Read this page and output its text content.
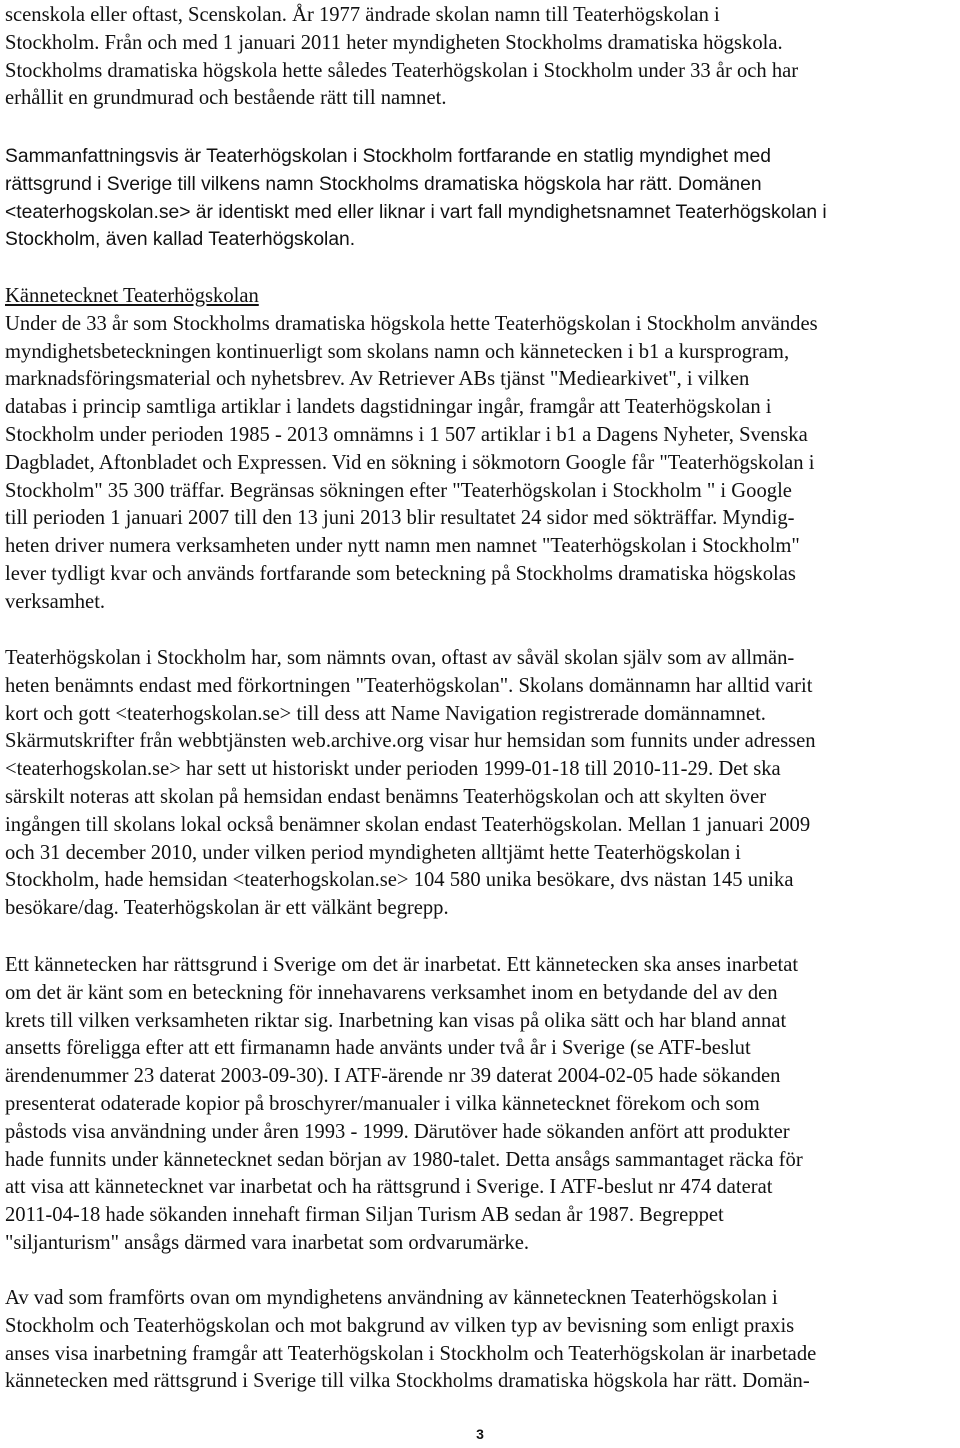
scenskola eller oftast, Scenskolan. År 1977 ändrade skolan namn till Teaterhögskolan i
Stockholm. Från och med 1 januari 2011 heter myndigheten Stockholms dramatiska högskola.
Stockholms dramatiska högskola hette således Teaterhögskolan i Stockholm under 33 år och har
erhållit en grundmurad och bestående rätt till namnet.
Sammanfattningsvis är Teaterhögskolan i Stockholm fortfarande en statlig myndighet med
rättsgrund i Sverige till vilkens namn Stockholms dramatiska högskola har rätt. Domänen
<teaterhogskolan.se> är identiskt med eller liknar i vart fall myndighetsnamnet Teaterhögskolan i
Stockholm, även kallad Teaterhögskolan.
Kännetecknet Teaterhögskolan
Under de 33 år som Stockholms dramatiska högskola hette Teaterhögskolan i Stockholm användes
myndighetsbeteckningen kontinuerligt som skolans namn och kännetecken i b1 a kursprogram,
marknadsföringsmaterial och nyhetsbrev. Av Retriever ABs tjänst "Mediearkivet", i vilken
databas i princip samtliga artiklar i landets dagstidningar ingår, framgår att Teaterhögskolan i
Stockholm under perioden 1985 - 2013 omnämns i 1 507 artiklar i b1 a Dagens Nyheter, Svenska
Dagbladet, Aftonbladet och Expressen. Vid en sökning i sökmotorn Google får "Teaterhögskolan i
Stockholm" 35 300 träffar. Begränsas sökningen efter "Teaterhögskolan i Stockholm " i Google
till perioden 1 januari 2007 till den 13 juni 2013 blir resultatet 24 sidor med sökträffar. Myndig-
heten driver numera verksamheten under nytt namn men namnet "Teaterhögskolan i Stockholm"
lever tydligt kvar och används fortfarande som beteckning på Stockholms dramatiska högskolas
verksamhet.
Teaterhögskolan i Stockholm har, som nämnts ovan, oftast av såväl skolan själv som av allmän-
heten benämnts endast med förkortningen "Teaterhögskolan". Skolans domännamn har alltid varit
kort och gott <teaterhogskolan.se> till dess att Name Navigation registrerade domännamnet.
Skärmutskrifter från webbtjänsten web.archive.org visar hur hemsidan som funnits under adressen
<teaterhogskolan.se> har sett ut historiskt under perioden 1999-01-18 till 2010-11-29. Det ska
särskilt noteras att skolan på hemsidan endast benämns Teaterhögskolan och att skylten över
ingången till skolans lokal också benämner skolan endast Teaterhögskolan. Mellan 1 januari 2009
och 31 december 2010, under vilken period myndigheten alltjämt hette Teaterhögskolan i
Stockholm, hade hemsidan <teaterhogskolan.se> 104 580 unika besökare, dvs nästan 145 unika
besökare/dag. Teaterhögskolan är ett välkänt begrepp.
Ett kännetecken har rättsgrund i Sverige om det är inarbetat. Ett kännetecken ska anses inarbetat
om det är känt som en beteckning för innehavarens verksamhet inom en betydande del av den
krets till vilken verksamheten riktar sig. Inarbetning kan visas på olika sätt och har bland annat
ansetts föreligga efter att ett firmanamn hade använts under två år i Sverige (se ATF-beslut
ärendenummer 23 daterat 2003-09-30). I ATF-ärende nr 39 daterat 2004-02-05 hade sökanden
presenterat odaterade kopior på broschyrer/manualer i vilka kännetecknet förekom och som
påstods visa användning under åren 1993 - 1999. Därutöver hade sökanden anfört att produkter
hade funnits under kännetecknet sedan början av 1980-talet. Detta ansågs sammantaget räcka för
att visa att kännetecknet var inarbetat och ha rättsgrund i Sverige. I ATF-beslut nr 474 daterat
2011-04-18 hade sökanden innehaft firman Siljan Turism AB sedan år 1987. Begreppet
"siljanturism" ansågs därmed vara inarbetat som ordvarumärke.
Av vad som framförts ovan om myndighetens användning av kännetecknen Teaterhögskolan i
Stockholm och Teaterhögskolan och mot bakgrund av vilken typ av bevisning som enligt praxis
anses visa inarbetning framgår att Teaterhögskolan i Stockholm och Teaterhögskolan är inarbetade
kännetecken med rättsgrund i Sverige till vilka Stockholms dramatiska högskola har rätt. Domän-
3
